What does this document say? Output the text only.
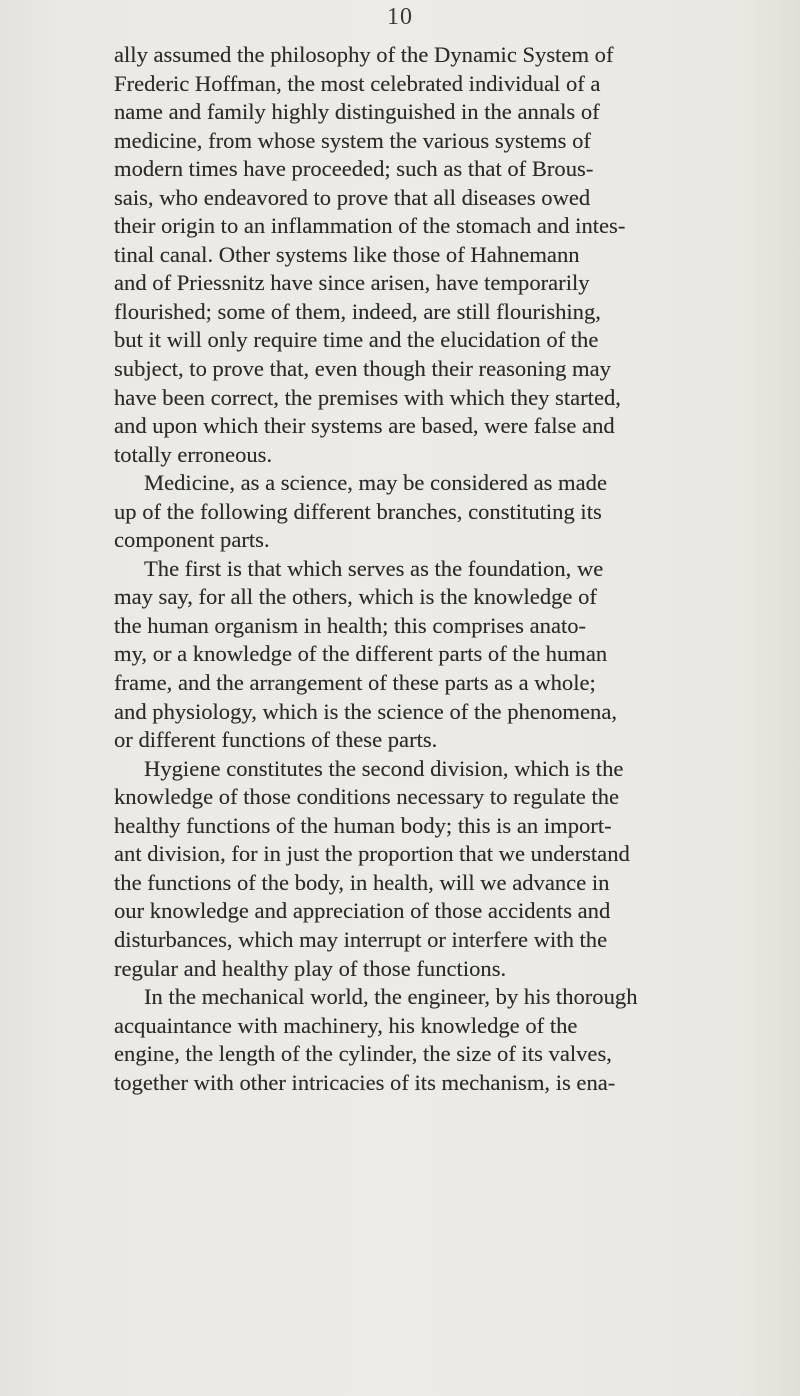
10
ally assumed the philosophy of the Dynamic System of
Frederic Hoffman, the most celebrated individual of a
name and family highly distinguished in the annals of
medicine, from whose system the various systems of
modern times have proceeded; such as that of Brous-
sais, who endeavored to prove that all diseases owed
their origin to an inflammation of the stomach and intes-
tinal canal. Other systems like those of Hahnemann
and of Priessnitz have since arisen, have temporarily
flourished; some of them, indeed, are still flourishing,
but it will only require time and the elucidation of the
subject, to prove that, even though their reasoning may
have been correct, the premises with which they started,
and upon which their systems are based, were false and
totally erroneous.
Medicine, as a science, may be considered as made
up of the following different branches, constituting its
component parts.
The first is that which serves as the foundation, we
may say, for all the others, which is the knowledge of
the human organism in health; this comprises anato-
my, or a knowledge of the different parts of the human
frame, and the arrangement of these parts as a whole;
and physiology, which is the science of the phenomena,
or different functions of these parts.
Hygiene constitutes the second division, which is the
knowledge of those conditions necessary to regulate the
healthy functions of the human body; this is an import-
ant division, for in just the proportion that we understand
the functions of the body, in health, will we advance in
our knowledge and appreciation of those accidents and
disturbances, which may interrupt or interfere with the
regular and healthy play of those functions.
In the mechanical world, the engineer, by his thorough
acquaintance with machinery, his knowledge of the
engine, the length of the cylinder, the size of its valves,
together with other intricacies of its mechanism, is ena-
